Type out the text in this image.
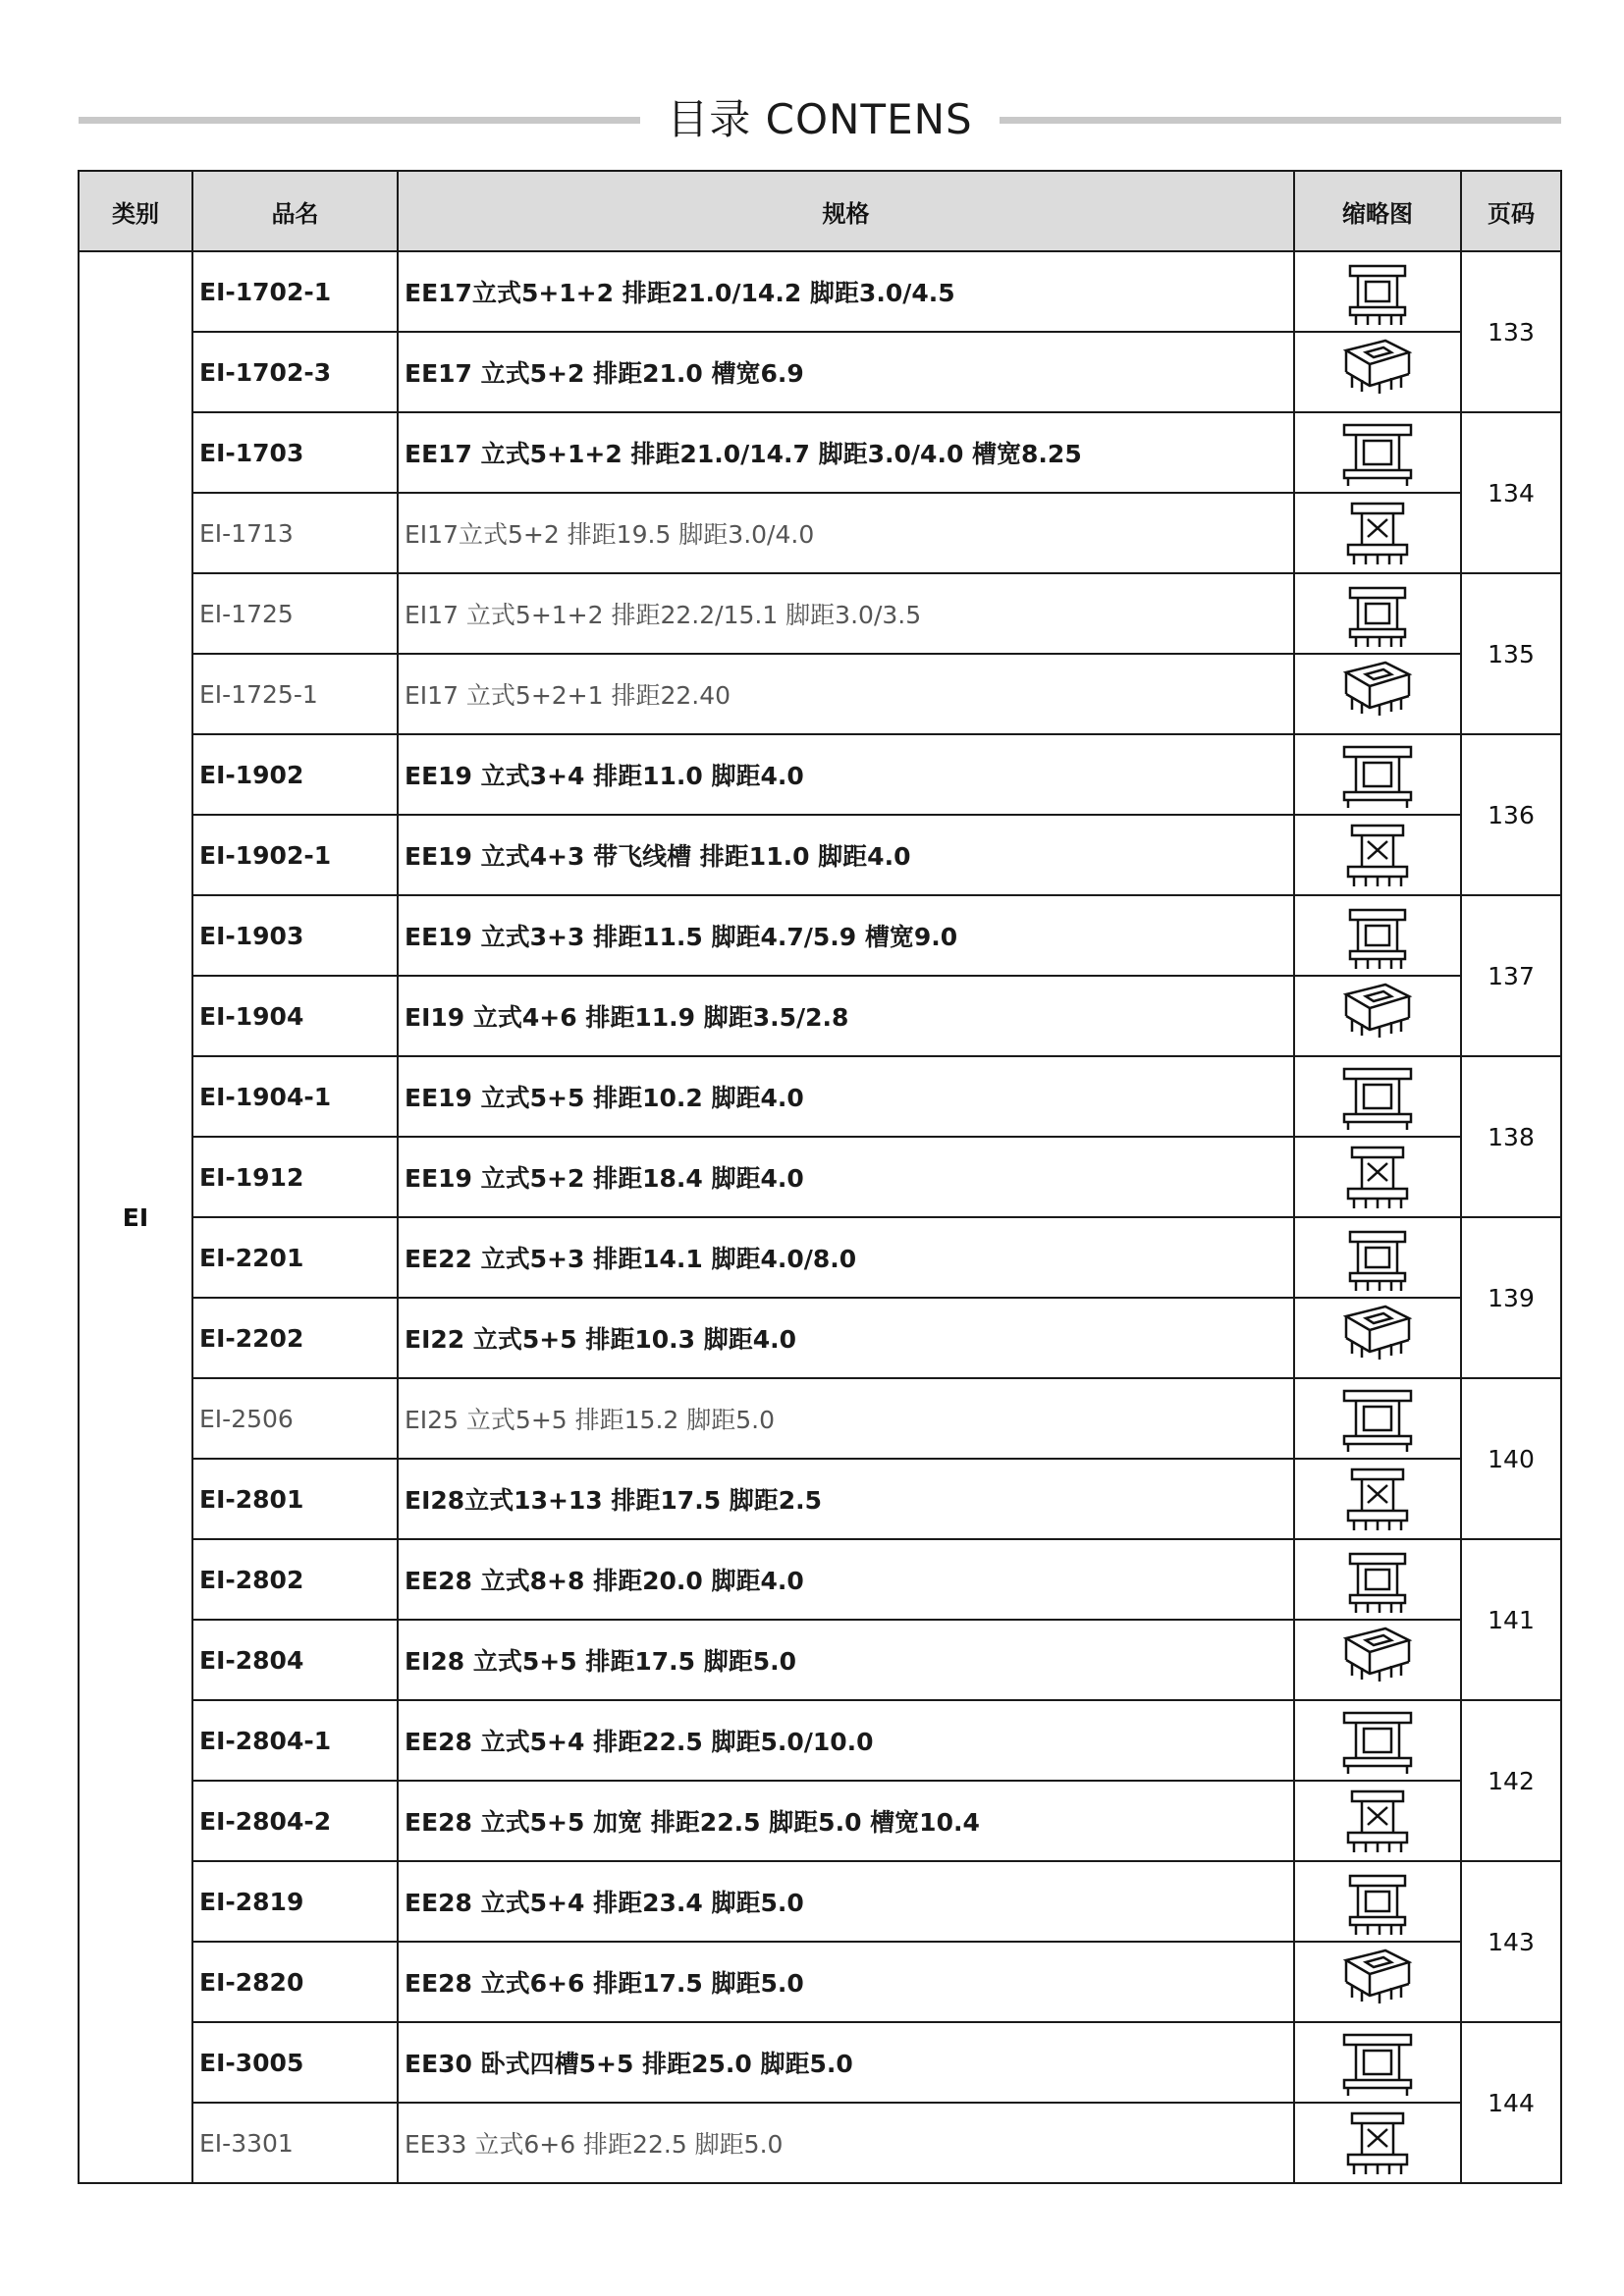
目录 CONTENS
类别	品名	规格	缩略图	页码
EI	EI-1702-1	EE17立式5+1+2 排距21.0/14.2 脚距3.0/4.5		133
	EI-1702-3	EE17 立式5+2 排距21.0 槽宽6.9	

	EI-1703	EE17 立式5+1+2 排距21.0/14.7 脚距3.0/4.0 槽宽8.25		134
	EI-1713	EI17立式5+2 排距19.5 脚距3.0/4.0	

	EI-1725	EI17 立式5+1+2 排距22.2/15.1 脚距3.0/3.5		135
	EI-1725-1	EI17 立式5+2+1 排距22.40	

	EI-1902	EE19 立式3+4 排距11.0 脚距4.0		136
	EI-1902-1	EE19 立式4+3 带飞线槽 排距11.0 脚距4.0	

	EI-1903	EE19 立式3+3 排距11.5 脚距4.7/5.9 槽宽9.0		137
	EI-1904	EI19 立式4+6 排距11.9 脚距3.5/2.8	

	EI-1904-1	EE19 立式5+5 排距10.2 脚距4.0		138
	EI-1912	EE19 立式5+2 排距18.4 脚距4.0	

	EI-2201	EE22 立式5+3 排距14.1 脚距4.0/8.0		139
	EI-2202	EI22 立式5+5 排距10.3 脚距4.0	

	EI-2506	EI25 立式5+5 排距15.2 脚距5.0		140
	EI-2801	EI28立式13+13 排距17.5 脚距2.5	

	EI-2802	EE28 立式8+8 排距20.0 脚距4.0		141
	EI-2804	EI28 立式5+5 排距17.5 脚距5.0	

	EI-2804-1	EE28 立式5+4 排距22.5 脚距5.0/10.0		142
	EI-2804-2	EE28 立式5+5 加宽 排距22.5 脚距5.0 槽宽10.4	

	EI-2819	EE28 立式5+4 排距23.4 脚距5.0		143
	EI-2820	EE28 立式6+6 排距17.5 脚距5.0	

	EI-3005	EE30 卧式四槽5+5 排距25.0 脚距5.0		144
	EI-3301	EE33 立式6+6 排距22.5 脚距5.0	
